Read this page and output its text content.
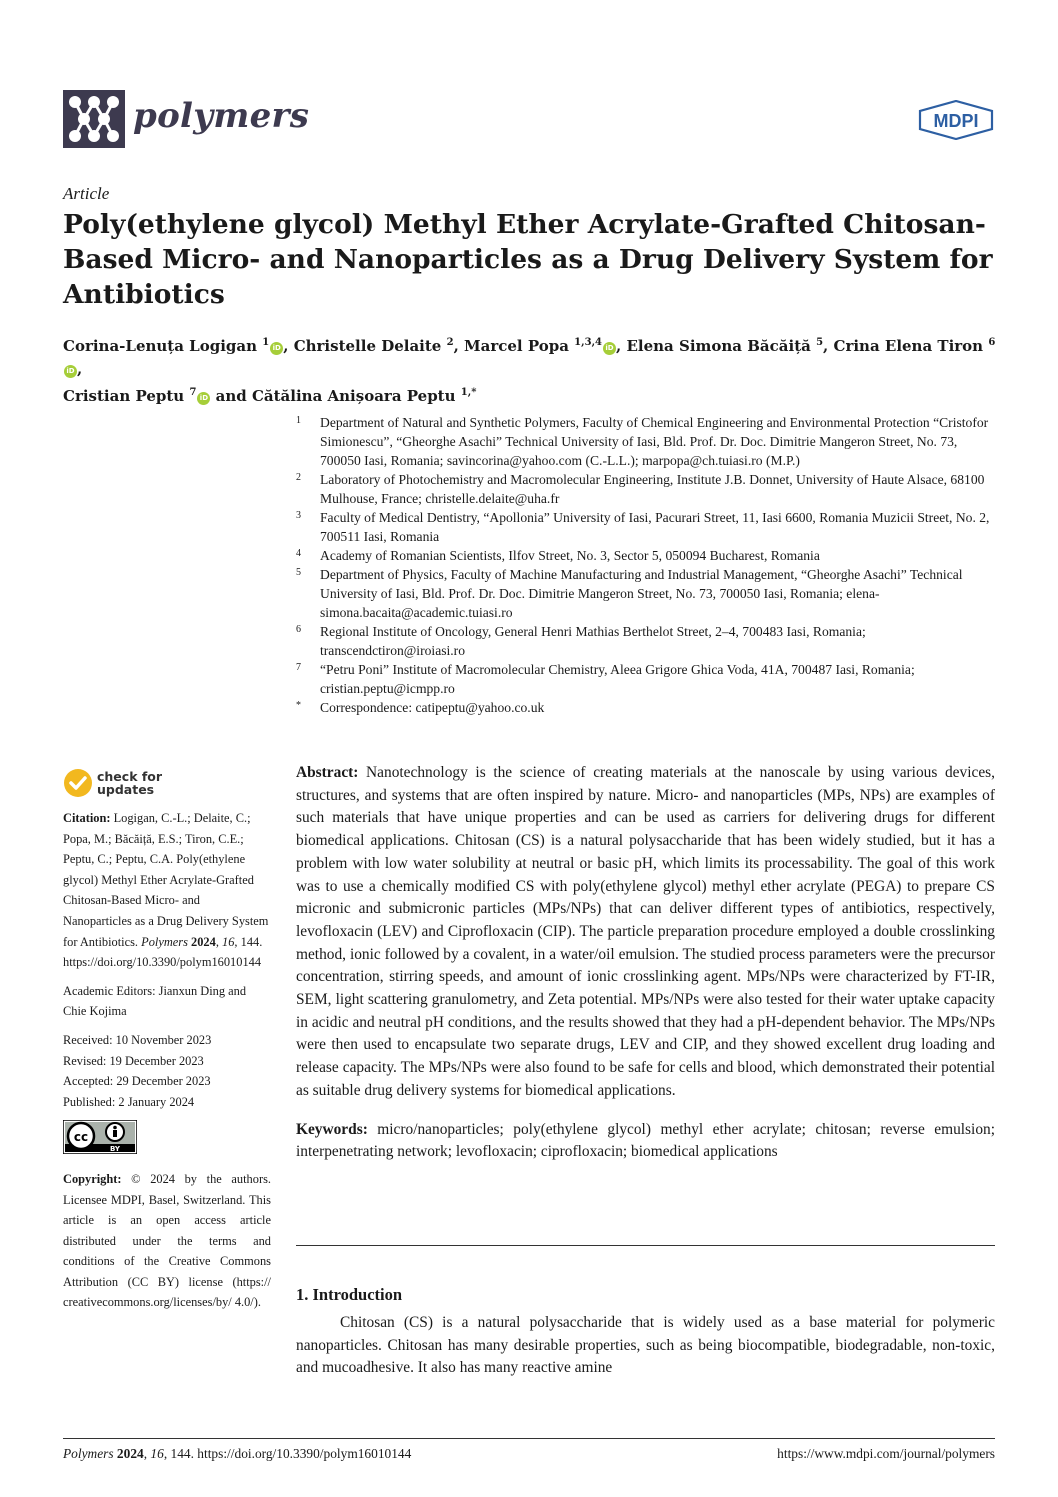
polymers	MDPI
Article
Poly(ethylene glycol) Methyl Ether Acrylate-Grafted Chitosan-Based Micro- and Nanoparticles as a Drug Delivery System for Antibiotics
Corina-Lenuța Logigan $^1$ iD , Christelle Delaite $^2$, Marcel Popa $^{1,3,4}$ iD , Elena Simona Băcăiță $^5$, Crina Elena Tiron $^6$iD ,
Cristian Peptu $^7$ iD and Cătălina Anișoara Peptu $^{1,*}$
1 Department of Natural and Synthetic Polymers, Faculty of Chemical Engineering and Environmental Protection “Cristofor Simionescu”, “Gheorghe Asachi” Technical University of Iasi, Bld. Prof. Dr. Doc. Dimitrie Mangeron Street, No. 73, 700050 Iasi, Romania; savincorina@yahoo.com (C.-L.L.); marpopa@ch.tuiasi.ro (M.P.)
2 Laboratory of Photochemistry and Macromolecular Engineering, Institute J.B. Donnet, University of Haute Alsace, 68100 Mulhouse, France; christelle.delaite@uha.fr
3 Faculty of Medical Dentistry, “Apollonia” University of Iasi, Pacurari Street, 11, Iasi 6600, Romania Muzicii Street, No. 2, 700511 Iasi, Romania
4 Academy of Romanian Scientists, Ilfov Street, No. 3, Sector 5, 050094 Bucharest, Romania
5 Department of Physics, Faculty of Machine Manufacturing and Industrial Management, “Gheorghe Asachi” Technical University of Iasi, Bld. Prof. Dr. Doc. Dimitrie Mangeron Street, No. 73, 700050 Iasi, Romania; elena-simona.bacaita@academic.tuiasi.ro
6 Regional Institute of Oncology, General Henri Mathias Berthelot Street, 2–4, 700483 Iasi, Romania; transcendctiron@iroiasi.ro
7 “Petru Poni” Institute of Macromolecular Chemistry, Aleea Grigore Ghica Voda, 41A, 700487 Iasi, Romania; cristian.peptu@icmpp.ro
* Correspondence: catipeptu@yahoo.co.uk
check for
updates
Citation: Logigan, C.-L.; Delaite, C.; Popa, M.; Băcăiță, E.S.; Tiron, C.E.; Peptu, C.; Peptu, C.A. Poly(ethylene glycol) Methyl Ether Acrylate-Grafted Chitosan-Based Micro- and Nanoparticles as a Drug Delivery System for Antibiotics. Polymers 2024, 16, 144. https://doi.org/10.3390/polym16010144
Academic Editors: Jianxun Ding and Chie Kojima
Received: 10 November 2023
Revised: 19 December 2023
Accepted: 29 December 2023
Published: 2 January 2024
cc
BY
Copyright: © 2024 by the authors. Licensee MDPI, Basel, Switzerland. This article is an open access article distributed under the terms and conditions of the Creative Commons Attribution (CC BY) license (https:// creativecommons.org/licenses/by/ 4.0/).

Abstract: Nanotechnology is the science of creating materials at the nanoscale by using various devices, structures, and systems that are often inspired by nature. Micro- and nanoparticles (MPs, NPs) are examples of such materials that have unique properties and can be used as carriers for delivering drugs for different biomedical applications. Chitosan (CS) is a natural polysaccharide that has been widely studied, but it has a problem with low water solubility at neutral or basic pH, which limits its processability. The goal of this work was to use a chemically modified CS with poly(ethylene glycol) methyl ether acrylate (PEGA) to prepare CS micronic and submicronic particles (MPs/NPs) that can deliver different types of antibiotics, respectively, levofloxacin (LEV) and Ciprofloxacin (CIP). The particle preparation procedure employed a double crosslinking method, ionic followed by a covalent, in a water/oil emulsion. The studied process parameters were the precursor concentration, stirring speeds, and amount of ionic crosslinking agent. MPs/NPs were characterized by FT-IR, SEM, light scattering granulometry, and Zeta potential. MPs/NPs were also tested for their water uptake capacity in acidic and neutral pH conditions, and the results showed that they had a pH-dependent behavior. The MPs/NPs were then used to encapsulate two separate drugs, LEV and CIP, and they showed excellent drug loading and release capacity. The MPs/NPs were also found to be safe for cells and blood, which demonstrated their potential as suitable drug delivery systems for biomedical applications.

Keywords: micro/nanoparticles; poly(ethylene glycol) methyl ether acrylate; chitosan; reverse emulsion; interpenetrating network; levofloxacin; ciprofloxacin; biomedical applications

1. Introduction

Chitosan (CS) is a natural polysaccharide that is widely used as a base material for polymeric nanoparticles. Chitosan has many desirable properties, such as being biocompatible, biodegradable, non-toxic, and mucoadhesive. It also has many reactive amine

Polymers 2024, 16, 144. https://doi.org/10.3390/polym16010144	https://www.mdpi.com/journal/polymers
